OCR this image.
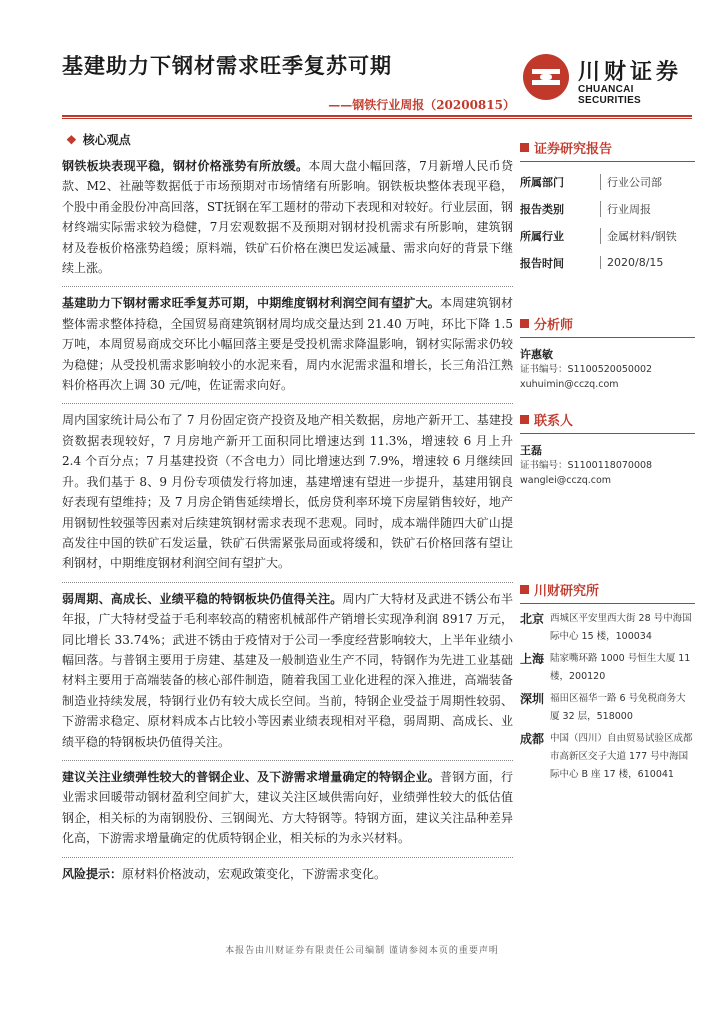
基建助力下钢材需求旺季复苏可期
——钢铁行业周报（20200815）
川财证券
CHUANCAI SECURITIES
❖ 核心观点

钢铁板块表现平稳，钢材价格涨势有所放缓。本周大盘小幅回落，7月新增人民币贷款、M2、社融等数据低于市场预期对市场情绪有所影响。钢铁板块整体表现平稳，个股中甬金股份冲高回落，ST抚钢在军工题材的带动下表现和对较好。行业层面，钢材终端实际需求较为稳健，7月宏观数据不及预期对钢材投机需求有所影响，建筑钢材及卷板价格涨势趋缓；原料端，铁矿石价格在澳巴发运减量、需求向好的背景下继续上涨。

基建助力下钢材需求旺季复苏可期，中期维度钢材利润空间有望扩大。本周建筑钢材整体需求整体持稳，全国贸易商建筑钢材周均成交量达到 21.40 万吨，环比下降 1.5 万吨，本周贸易商成交环比小幅回落主要是受投机需求降温影响，钢材实际需求仍较为稳健；从受投机需求影响较小的水泥来看，周内水泥需求温和增长，长三角沿江熟料价格再次上调 30 元/吨，佐证需求向好。

周内国家统计局公布了 7 月份固定资产投资及地产相关数据，房地产新开工、基建投资数据表现较好，7 月房地产新开工面积同比增速达到 11.3%，增速较 6 月上升 2.4 个百分点；7 月基建投资（不含电力）同比增速达到 7.9%，增速较 6 月继续回升。我们基于 8、9 月份专项债发行将加速，基建增速有望进一步提升，基建用钢良好表现有望维持；及 7 月房企销售延续增长，低房贷利率环境下房屋销售较好，地产用钢韧性较强等因素对后续建筑钢材需求表现不悲观。同时，成本端伴随四大矿山提高发往中国的铁矿石发运量，铁矿石供需紧张局面或将缓和，铁矿石价格回落有望让利钢材，中期维度钢材利润空间有望扩大。

弱周期、高成长、业绩平稳的特钢板块仍值得关注。周内广大特材及武进不锈公布半年报，广大特材受益于毛利率较高的精密机械部件产销增长实现净利润 8917 万元，同比增长 33.74%；武进不锈由于疫情对于公司一季度经营影响较大，上半年业绩小幅回落。与普钢主要用于房建、基建及一般制造业生产不同，特钢作为先进工业基础材料主要用于高端装备的核心部件制造，随着我国工业化进程的深入推进，高端装备制造业持续发展，特钢行业仍有较大成长空间。当前，特钢企业受益于周期性较弱、下游需求稳定、原材料成本占比较小等因素业绩表现相对平稳，弱周期、高成长、业绩平稳的特钢板块仍值得关注。

建议关注业绩弹性较大的普钢企业、及下游需求增量确定的特钢企业。普钢方面，行业需求回暖带动钢材盈利空间扩大，建议关注区域供需向好，业绩弹性较大的低估值钢企，相关标的为南钢股份、三钢闽光、方大特钢等。特钢方面，建议关注品种差异化高，下游需求增量确定的优质特钢企业，相关标的为永兴材料。

风险提示：原材料价格波动，宏观政策变化，下游需求变化。

证券研究报告
所属部门	行业公司部
报告类别	行业周报
所属行业	金属材料/钢铁
报告时间	2020/8/15
分析师
许惠敏
证书编号：S1100520050002
xuhuimin@cczq.com
联系人
王磊
证书编号：S1100118070008
wanglei@cczq.com
川财研究所
北京 西城区平安里西大街 28 号中海国际中心 15 楼，100034
上海 陆家嘴环路 1000 号恒生大厦 11 楼，200120
深圳 福田区福华一路 6 号免税商务大厦 32 层，518000
成都 中国（四川）自由贸易试验区成都市高新区交子大道 177 号中海国际中心 B 座 17 楼，610041
本报告由川财证券有限责任公司编制 谨请参阅本页的重要声明
